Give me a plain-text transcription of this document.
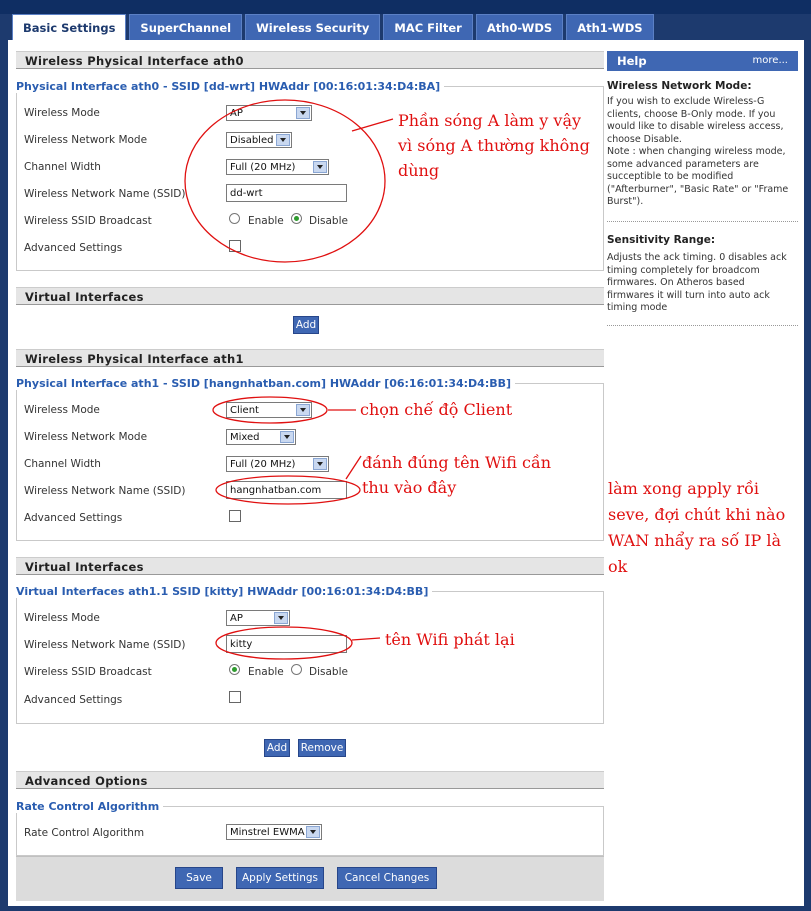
Basic Settings	SuperChannel	Wireless Security	MAC Filter	Ath0-WDS	Ath1-WDS
Wireless Physical Interface ath0
Physical Interface ath0 - SSID [dd-wrt] HWAddr [00:16:01:34:D4:BA]
Wireless Mode	AP
Wireless Network Mode	Disabled
Channel Width	Full (20 MHz)
Wireless Network Name (SSID)	dd-wrt
Wireless SSID Broadcast	Enable Disable
Advanced Settings
Virtual Interfaces
Add
Wireless Physical Interface ath1
Physical Interface ath1 - SSID [hangnhatban.com] HWAddr [06:16:01:34:D4:BB]
Wireless Mode	Client
Wireless Network Mode	Mixed
Channel Width	Full (20 MHz)
Wireless Network Name (SSID)	hangnhatban.com
Advanced Settings
Virtual Interfaces
Virtual Interfaces ath1.1 SSID [kitty] HWAddr [00:16:01:34:D4:BB]
Wireless Mode	AP
Wireless Network Name (SSID)	kitty
Wireless SSID Broadcast	Enable Disable
Advanced Settings
Add Remove
Advanced Options
Rate Control Algorithm
Rate Control Algorithm	Minstrel EWMA
Save	Apply Settings	Cancel Changes
Help	more...
Wireless Network Mode:
If you wish to exclude Wireless-G
clients, choose B-Only mode. If you
would like to disable wireless access,
choose Disable.
Note : when changing wireless mode,
some advanced parameters are
succeptible to be modified
("Afterburner", "Basic Rate" or "Frame
Burst").
Sensitivity Range:
Adjusts the ack timing. 0 disables ack
timing completely for broadcom
firmwares. On Atheros based
firmwares it will turn into auto ack
timing mode
Phần sóng A làm y vậy
vì sóng A thường không
dùng
chọn chế độ Client
đánh đúng tên Wifi cần
thu vào đây
tên Wifi phát lại
làm xong apply rồi
seve, đợi chút khi nào
WAN nhẩy ra số IP là
ok
